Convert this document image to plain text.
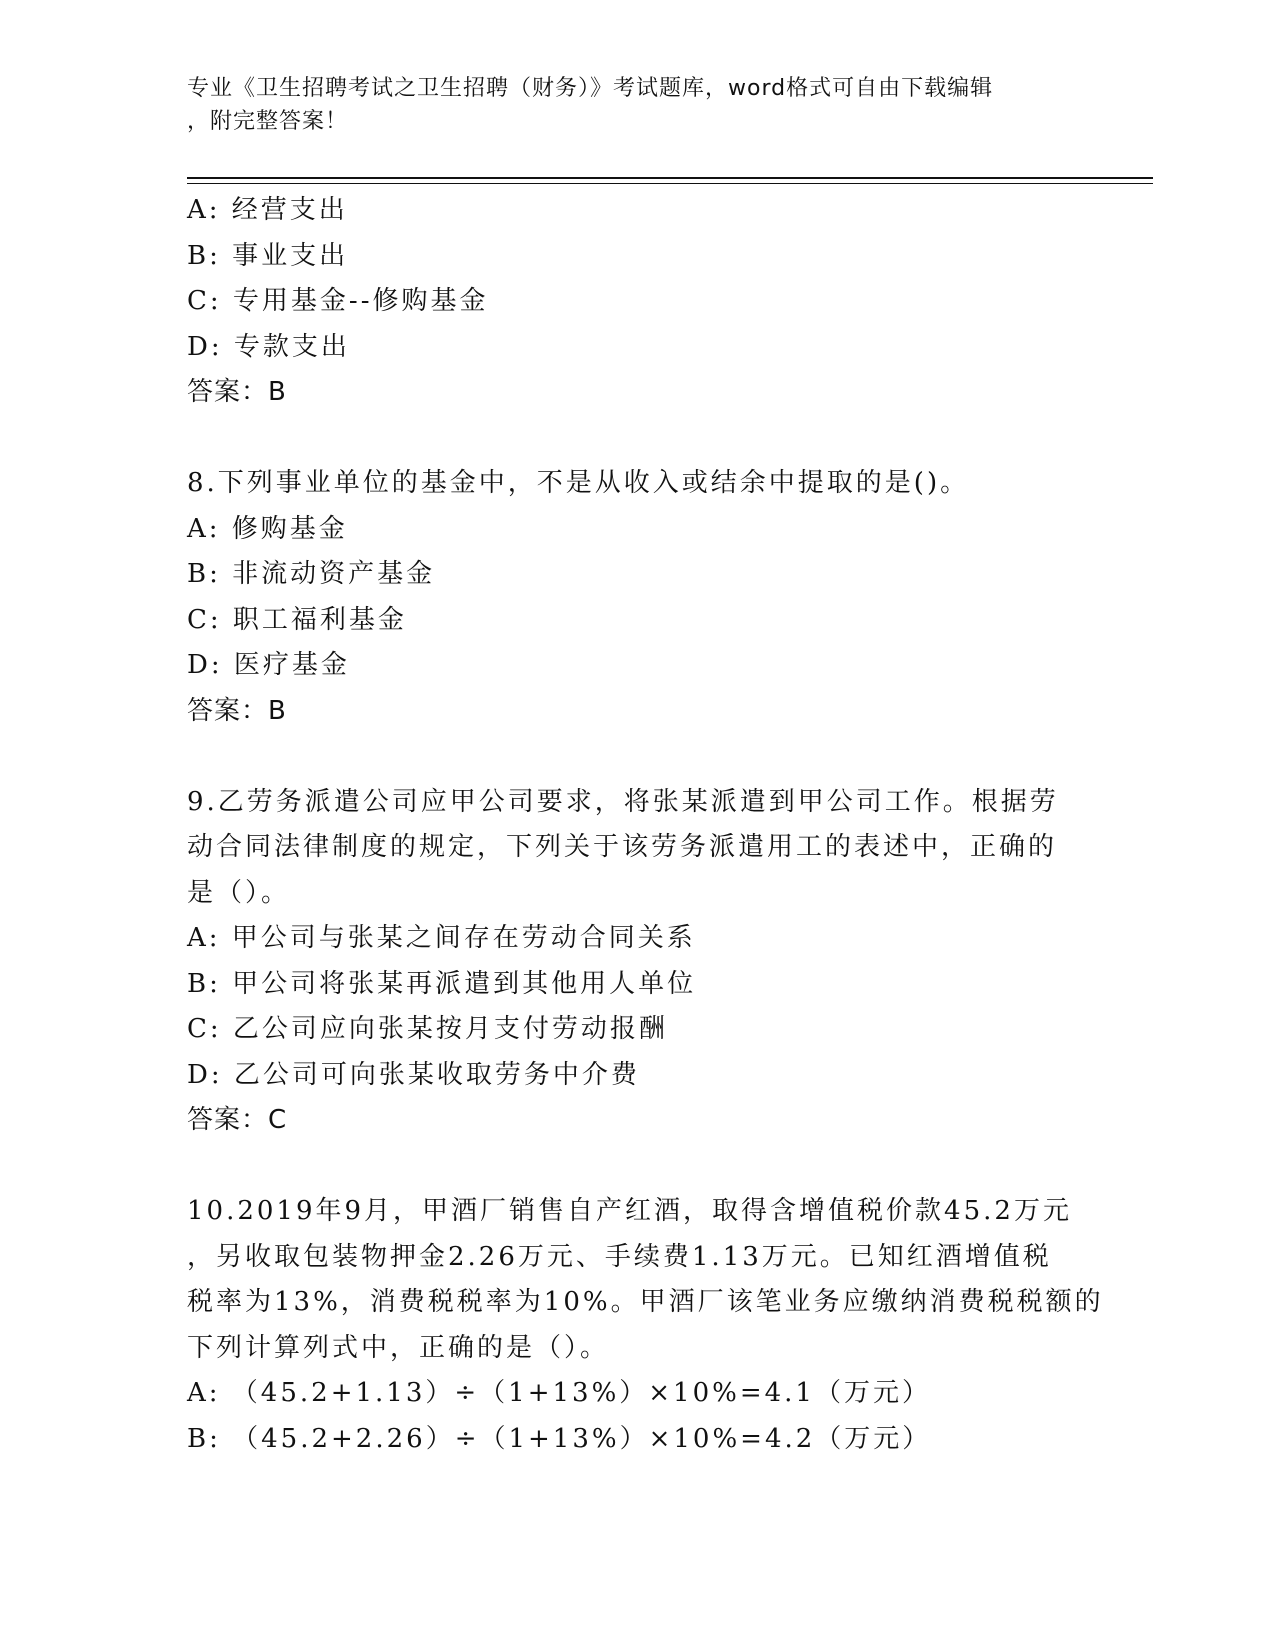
专业《卫生招聘考试之卫生招聘（财务）》考试题库，word格式可自由下载编辑
，附完整答案！
A: 经营支出
B: 事业支出
C: 专用基金--修购基金
D: 专款支出
答案：B
8.下列事业单位的基金中，不是从收入或结余中提取的是()。
A: 修购基金
B: 非流动资产基金
C: 职工福利基金
D: 医疗基金
答案：B
9.乙劳务派遣公司应甲公司要求，将张某派遣到甲公司工作。根据劳
动合同法律制度的规定，下列关于该劳务派遣用工的表述中，正确的
是（）。
A: 甲公司与张某之间存在劳动合同关系
B: 甲公司将张某再派遣到其他用人单位
C: 乙公司应向张某按月支付劳动报酬
D: 乙公司可向张某收取劳务中介费
答案：C
10.2019年9月，甲酒厂销售自产红酒，取得含增值税价款45.2万元
，另收取包装物押金2.26万元、手续费1.13万元。已知红酒增值税
税率为13%，消费税税率为10%。甲酒厂该笔业务应缴纳消费税税额的
下列计算列式中，正确的是（）。
A: （45.2+1.13）÷（1+13%）×10%=4.1（万元）
B: （45.2+2.26）÷（1+13%）×10%=4.2（万元）
